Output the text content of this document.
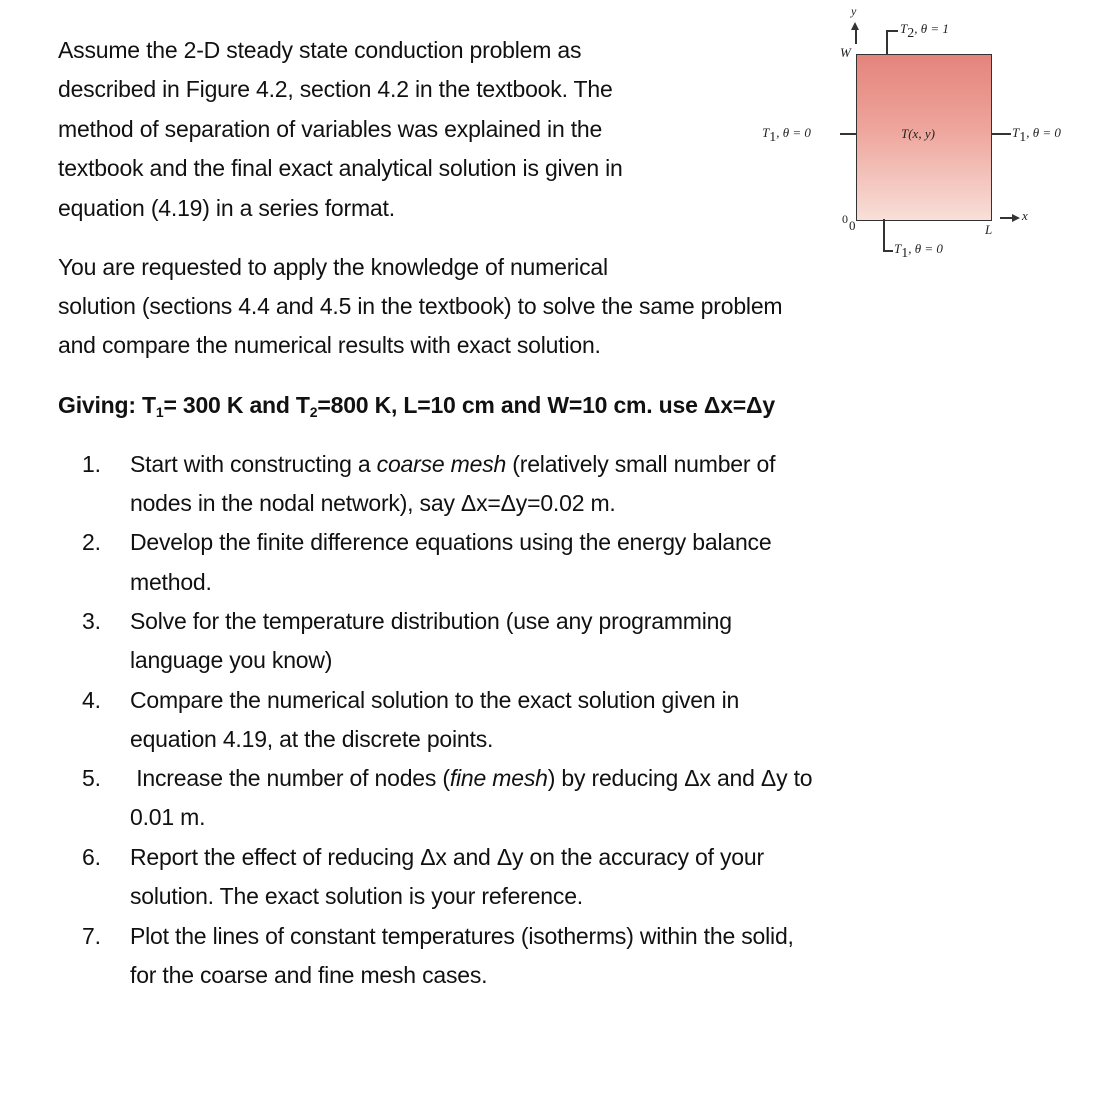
Assume the 2-D steady state conduction problem as
described in Figure 4.2, section 4.2 in the textbook. The
method of separation of variables was explained in the
textbook and the final exact analytical solution is given in
equation (4.19) in a series format.
You are requested to apply the knowledge of numerical
solution (sections 4.4 and 4.5 in the textbook) to solve the same problem
and compare the numerical results with exact solution.
Giving: $T_1= 300$ K and $T_2=800$ K, L=10 cm and W=10 cm. use Δx=Δy
1. Start with constructing a coarse mesh (relatively small number of
nodes in the nodal network), say Δx=Δy=0.02 m.
2. Develop the finite difference equations using the energy balance
method.
3. Solve for the temperature distribution (use any programming
language you know)
4. Compare the numerical solution to the exact solution given in
equation 4.19, at the discrete points.
5. Increase the number of nodes (fine mesh) by reducing Δx and Δy to
0.01 m.
6. Report the effect of reducing Δx and Δy on the accuracy of your
solution. The exact solution is your reference.
7. Plot the lines of constant temperatures (isotherms) within the solid,
for the coarse and fine mesh cases.
y
W
T(x, y)
$T_2$, θ = 1
$T_1$, θ = 0	$T_1$, θ = 0
$T_1$, θ = 0
0 0	L
x
